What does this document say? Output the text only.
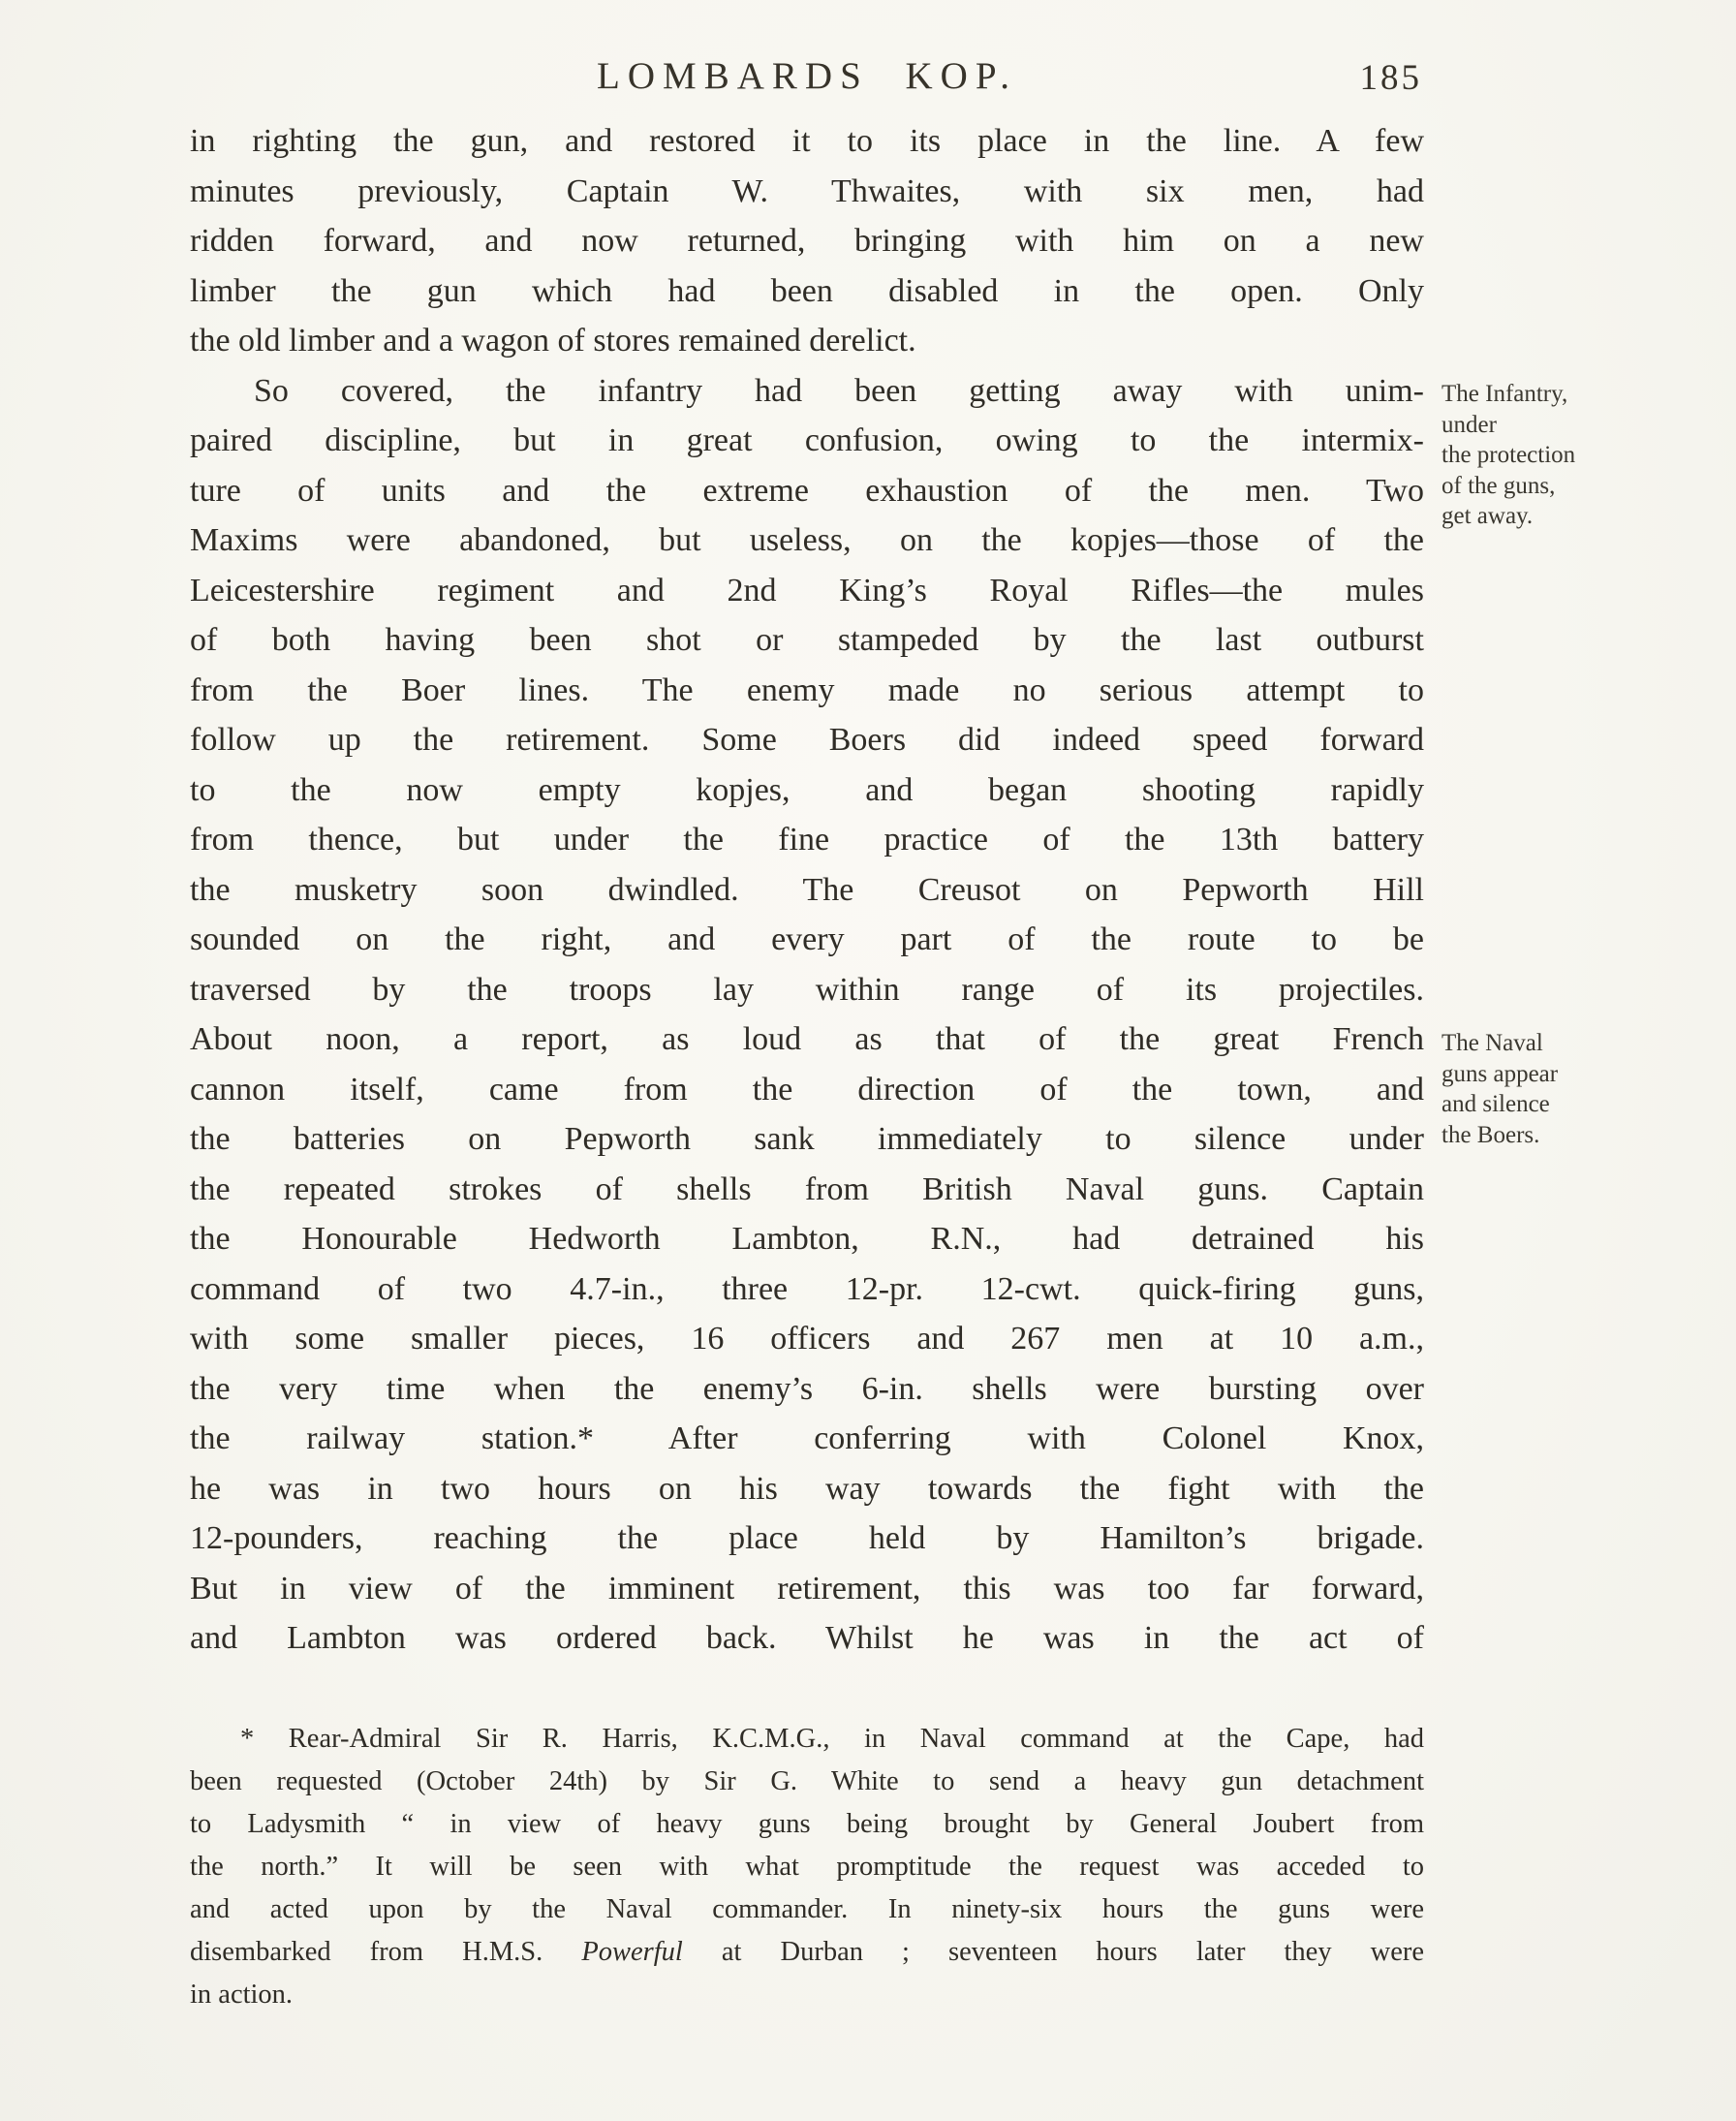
LOMBARDS KOP.	185
in righting the gun, and restored it to its place in the line. A few
minutes previously, Captain W. Thwaites, with six men, had
ridden forward, and now returned, bringing with him on a new
limber the gun which had been disabled in the open. Only
the old limber and a wagon of stores remained derelict.
So covered, the infantry had been getting away with unim-
paired discipline, but in great confusion, owing to the intermix-
ture of units and the extreme exhaustion of the men. Two
Maxims were abandoned, but useless, on the kopjes—those of the
Leicestershire regiment and 2nd King’s Royal Rifles—the mules
of both having been shot or stampeded by the last outburst
from the Boer lines. The enemy made no serious attempt to
follow up the retirement. Some Boers did indeed speed forward
to the now empty kopjes, and began shooting rapidly
from thence, but under the fine practice of the 13th battery
the musketry soon dwindled. The Creusot on Pepworth Hill
sounded on the right, and every part of the route to be
traversed by the troops lay within range of its projectiles.
About noon, a report, as loud as that of the great French
cannon itself, came from the direction of the town, and
the batteries on Pepworth sank immediately to silence under
the repeated strokes of shells from British Naval guns. Captain
the Honourable Hedworth Lambton, R.N., had detrained his
command of two 4.7-in., three 12-pr. 12-cwt. quick-firing guns,
with some smaller pieces, 16 officers and 267 men at 10 a.m.,
the very time when the enemy’s 6-in. shells were bursting over
the railway station.* After conferring with Colonel Knox,
he was in two hours on his way towards the fight with the
12-pounders, reaching the place held by Hamilton’s brigade.
But in view of the imminent retirement, this was too far forward,
and Lambton was ordered back. Whilst he was in the act of
The Infantry,
under
the protection
of the guns,
get away.
The Naval
guns appear
and silence
the Boers.
* Rear-Admiral Sir R. Harris, K.C.M.G., in Naval command at the Cape, had
been requested (October 24th) by Sir G. White to send a heavy gun detachment
to Ladysmith “ in view of heavy guns being brought by General Joubert from
the north.” It will be seen with what promptitude the request was acceded to
and acted upon by the Naval commander. In ninety-six hours the guns were
disembarked from H.M.S. Powerful at Durban ; seventeen hours later they were
in action.
